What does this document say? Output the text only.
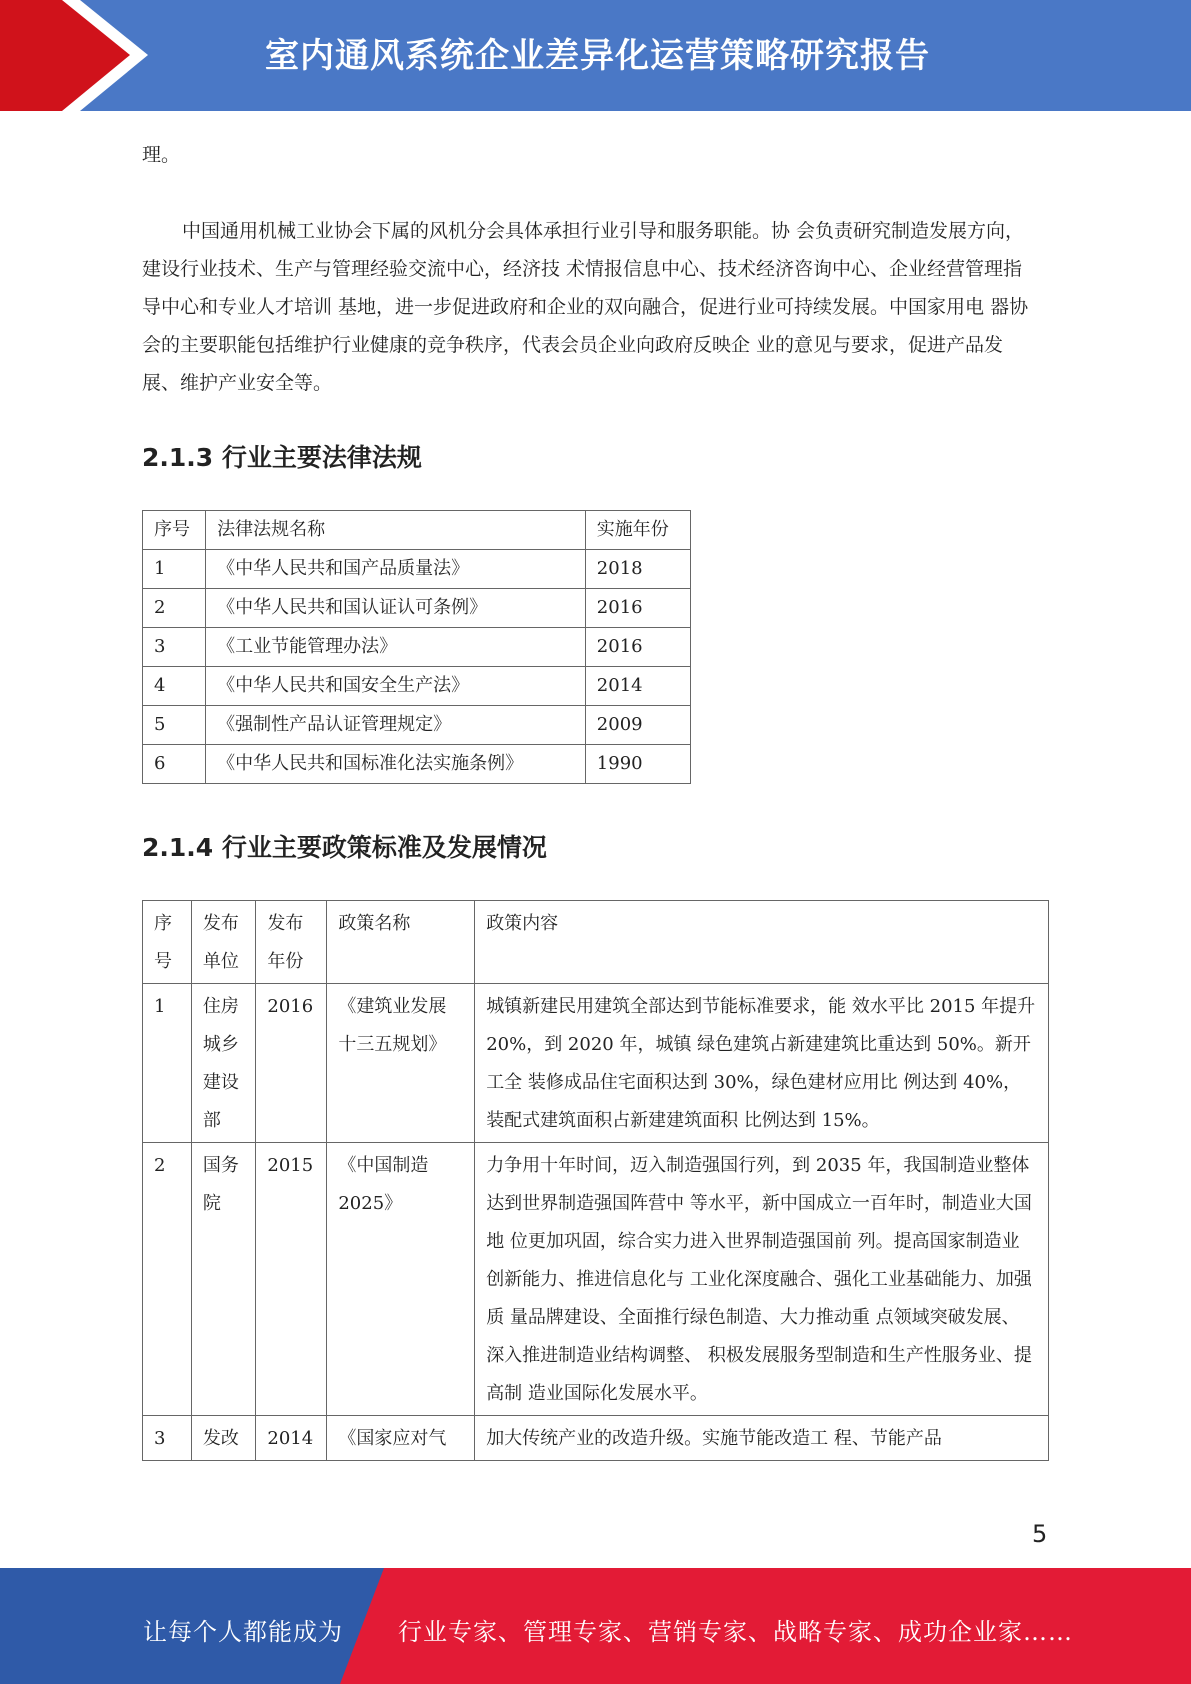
室内通风系统企业差异化运营策略研究报告

理。

中国通用机械工业协会下属的风机分会具体承担行业引导和服务职能。协 会负责研究制造发展方向，建设行业技术、生产与管理经验交流中心，经济技 术情报信息中心、技术经济咨询中心、企业经营管理指导中心和专业人才培训 基地，进一步促进政府和企业的双向融合，促进行业可持续发展。中国家用电 器协会的主要职能包括维护行业健康的竞争秩序，代表会员企业向政府反映企 业的意见与要求，促进产品发展、维护产业安全等。

2.1.3 行业主要法律法规
序号	法律法规名称	实施年份
1	《中华人民共和国产品质量法》	2018
2	《中华人民共和国认证认可条例》	2016
3	《工业节能管理办法》	2016
4	《中华人民共和国安全生产法》	2014
5	《强制性产品认证管理规定》	2009
6	《中华人民共和国标准化法实施条例》	1990
2.1.4 行业主要政策标准及发展情况
序号	发布单位	发布年份	政策名称	政策内容
1	住房城乡建设部	2016	《建筑业发展十三五规划》	城镇新建民用建筑全部达到节能标准要求，能 效水平比 2015 年提升 20%，到 2020 年，城镇 绿色建筑占新建建筑比重达到 50%。新开工全 装修成品住宅面积达到 30%，绿色建材应用比 例达到 40%，装配式建筑面积占新建建筑面积 比例达到 15%。
2	国务院	2015	《中国制造 2025》	力争用十年时间，迈入制造强国行列，到 2035 年，我国制造业整体达到世界制造强国阵营中 等水平，新中国成立一百年时，制造业大国地 位更加巩固，综合实力进入世界制造强国前 列。提高国家制造业创新能力、推进信息化与 工业化深度融合、强化工业基础能力、加强质 量品牌建设、全面推行绿色制造、大力推动重 点领域突破发展、深入推进制造业结构调整、 积极发展服务型制造和生产性服务业、提高制 造业国际化发展水平。
3	发改	2014	《国家应对气	加大传统产业的改造升级。实施节能改造工 程、节能产品
5
让每个人都能成为 行业专家、管理专家、营销专家、战略专家、成功企业家……
